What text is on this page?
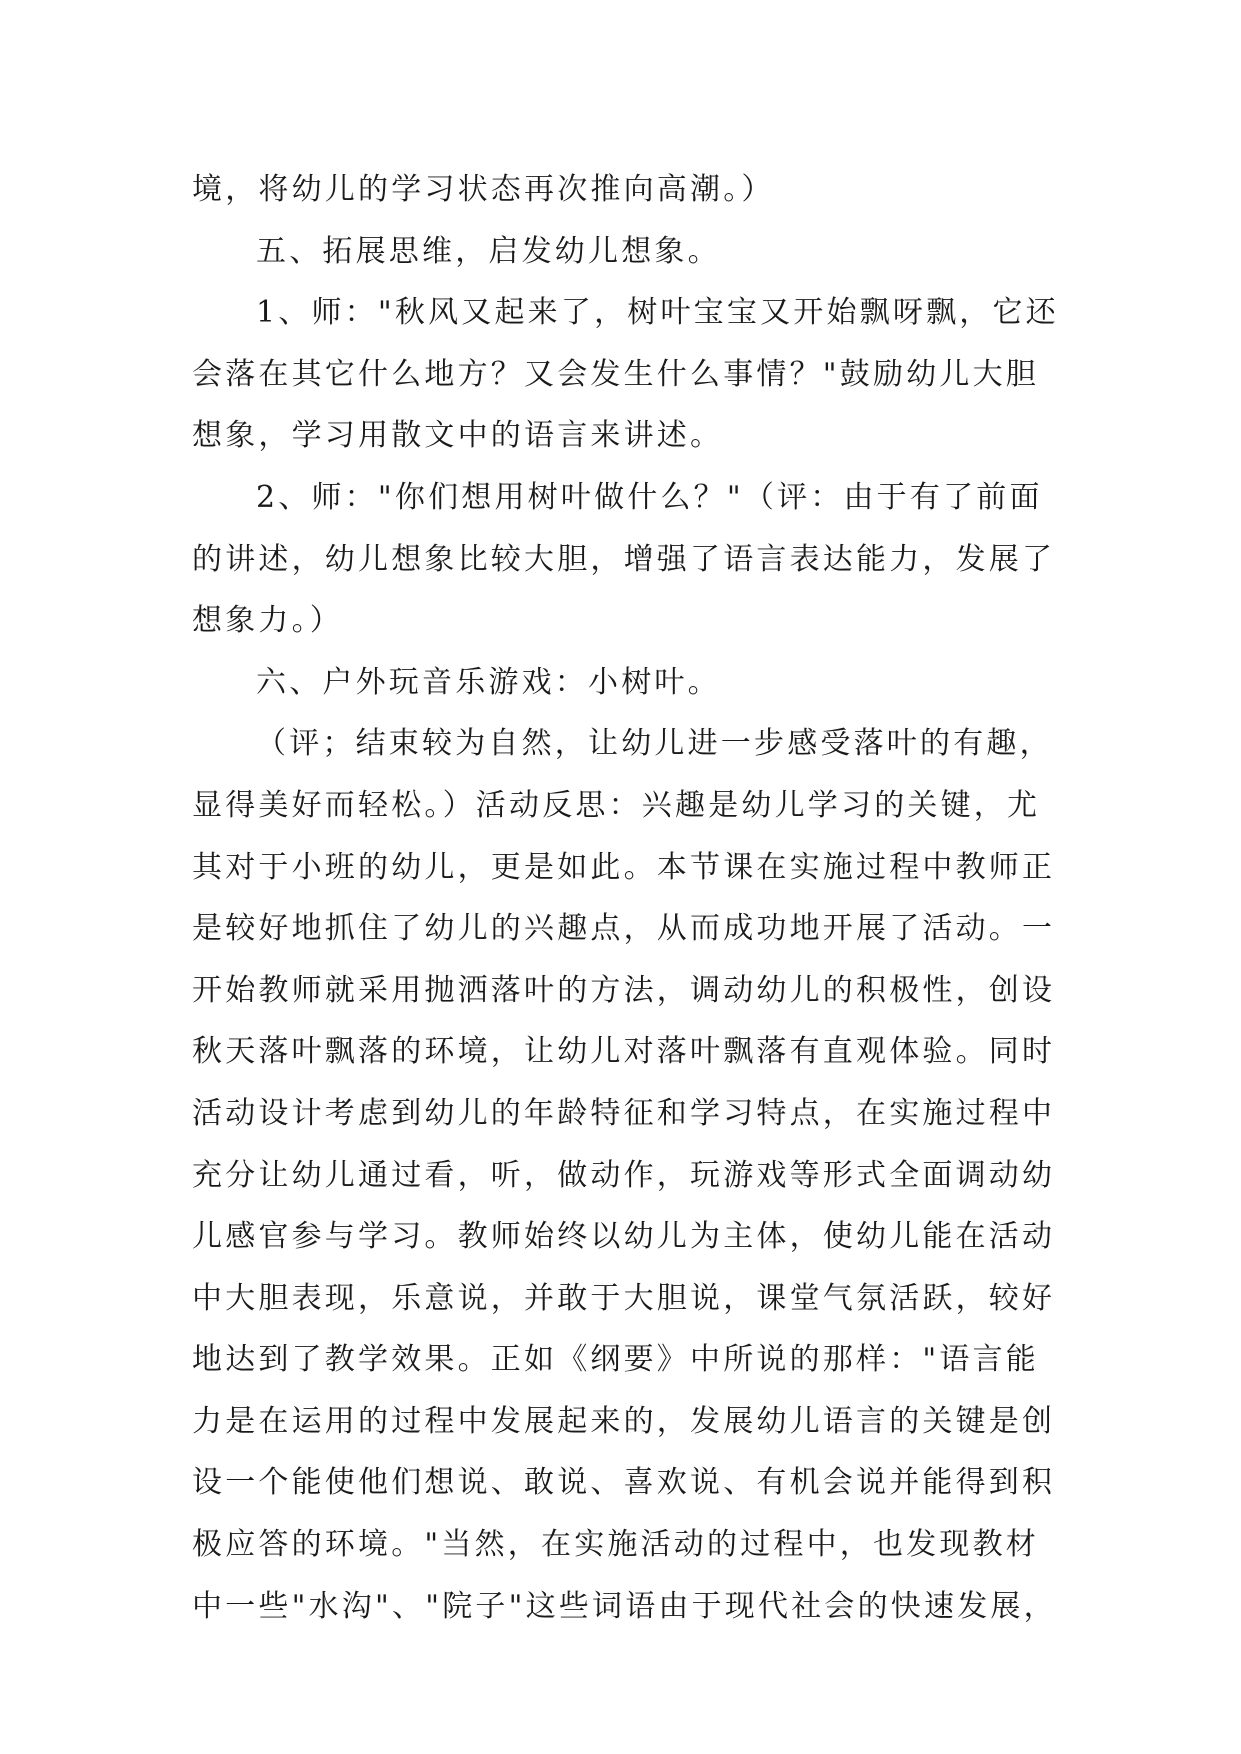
境，将幼儿的学习状态再次推向高潮。）
五、拓展思维，启发幼儿想象。
1、师："秋风又起来了，树叶宝宝又开始飘呀飘，它还
会落在其它什么地方？又会发生什么事情？"鼓励幼儿大胆
想象，学习用散文中的语言来讲述。
2、师："你们想用树叶做什么？"（评：由于有了前面
的讲述，幼儿想象比较大胆，增强了语言表达能力，发展了
想象力。）
六、户外玩音乐游戏：小树叶。
（评；结束较为自然，让幼儿进一步感受落叶的有趣，
显得美好而轻松。）活动反思：兴趣是幼儿学习的关键，尤
其对于小班的幼儿，更是如此。本节课在实施过程中教师正
是较好地抓住了幼儿的兴趣点，从而成功地开展了活动。一
开始教师就采用抛洒落叶的方法，调动幼儿的积极性，创设
秋天落叶飘落的环境，让幼儿对落叶飘落有直观体验。同时
活动设计考虑到幼儿的年龄特征和学习特点，在实施过程中
充分让幼儿通过看，听，做动作，玩游戏等形式全面调动幼
儿感官参与学习。教师始终以幼儿为主体，使幼儿能在活动
中大胆表现，乐意说，并敢于大胆说，课堂气氛活跃，较好
地达到了教学效果。正如《纲要》中所说的那样："语言能
力是在运用的过程中发展起来的，发展幼儿语言的关键是创
设一个能使他们想说、敢说、喜欢说、有机会说并能得到积
极应答的环境。"当然，在实施活动的过程中，也发现教材
中一些"水沟"、"院子"这些词语由于现代社会的快速发展，
